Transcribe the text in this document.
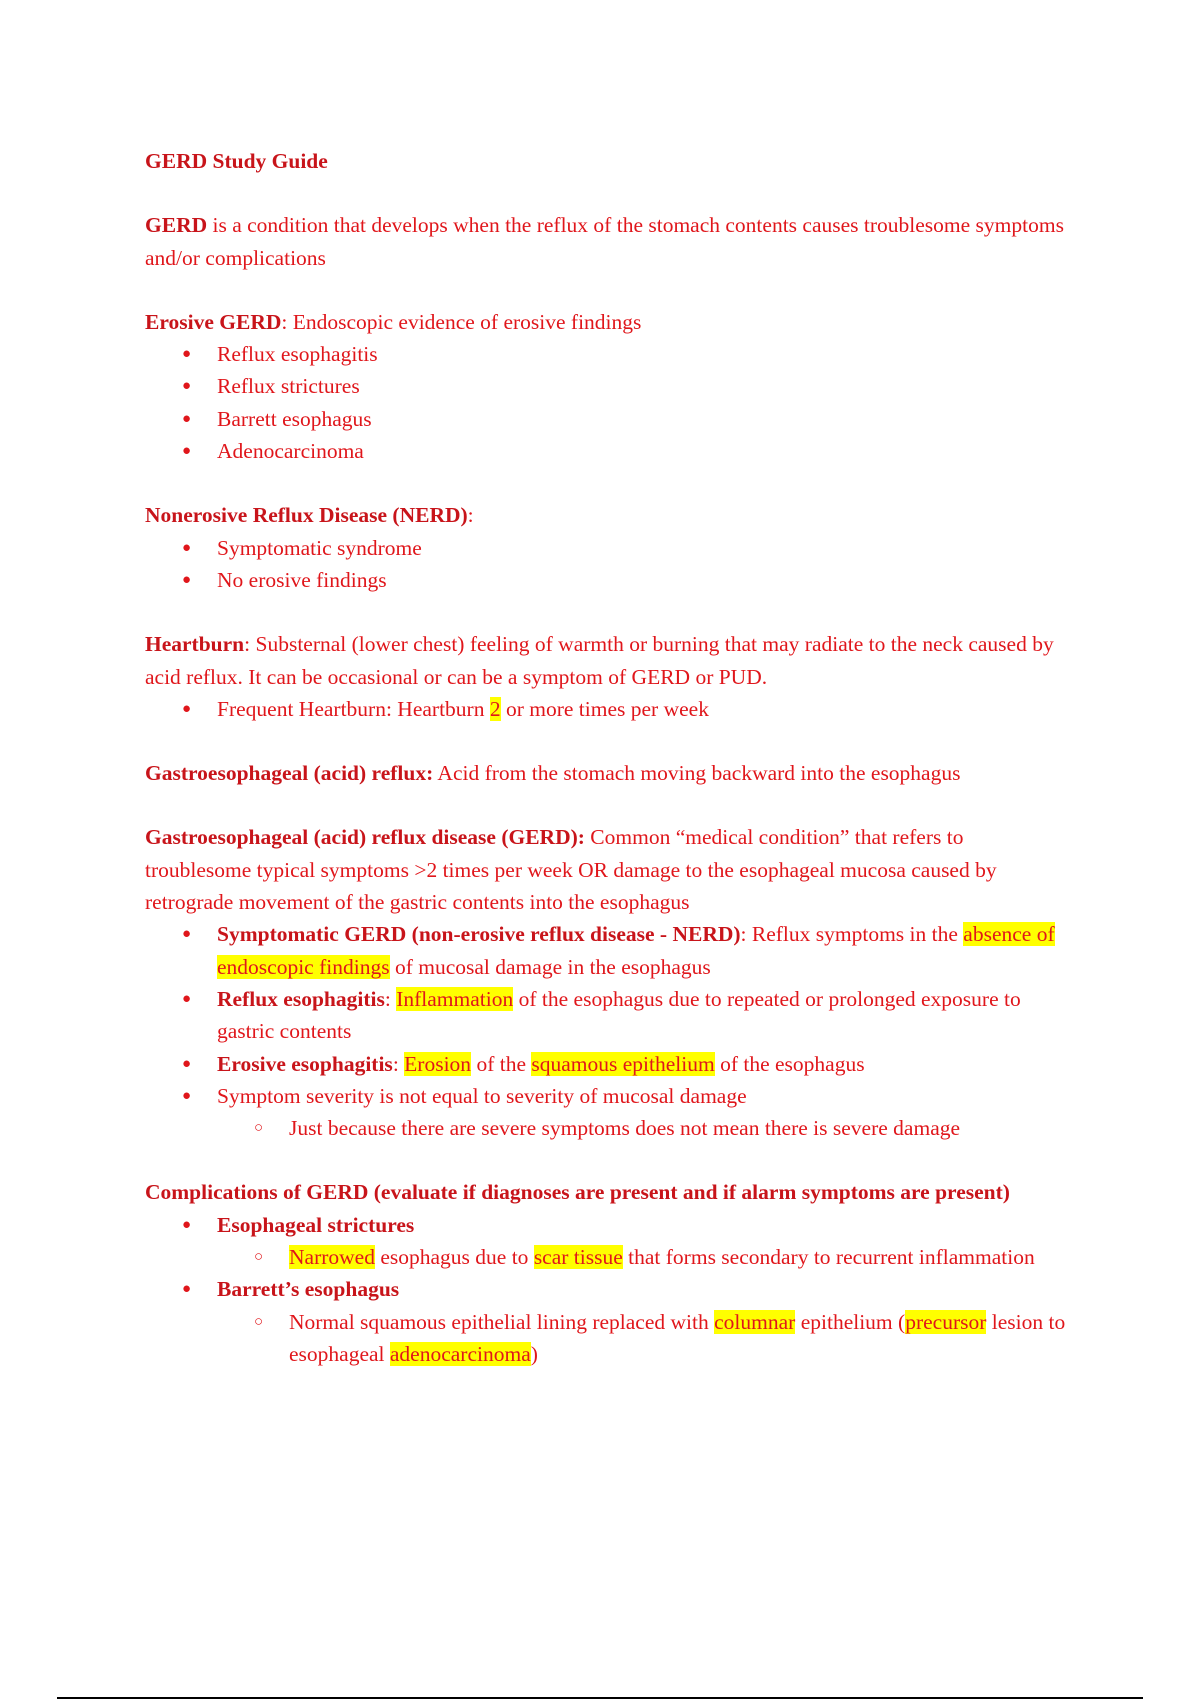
GERD Study Guide

GERD is a condition that develops when the reflux of the stomach contents causes troublesome symptoms and/or complications

Erosive GERD: Endoscopic evidence of erosive findings

● Reflux esophagitis
● Reflux strictures
● Barrett esophagus
● Adenocarcinoma

Nonerosive Reflux Disease (NERD):

● Symptomatic syndrome
● No erosive findings

Heartburn: Substernal (lower chest) feeling of warmth or burning that may radiate to the neck caused by acid reflux. It can be occasional or can be a symptom of GERD or PUD.

● Frequent Heartburn: Heartburn 2 or more times per week

Gastroesophageal (acid) reflux: Acid from the stomach moving backward into the esophagus

Gastroesophageal (acid) reflux disease (GERD): Common “medical condition” that refers to troublesome typical symptoms >2 times per week OR damage to the esophageal mucosa caused by retrograde movement of the gastric contents into the esophagus

● Symptomatic GERD (non-erosive reflux disease - NERD): Reflux symptoms in the absence of endoscopic findings of mucosal damage in the esophagus
● Reflux esophagitis: Inflammation of the esophagus due to repeated or prolonged exposure to gastric contents
● Erosive esophagitis: Erosion of the squamous epithelium of the esophagus
● Symptom severity is not equal to severity of mucosal damage
○ Just because there are severe symptoms does not mean there is severe damage

Complications of GERD (evaluate if diagnoses are present and if alarm symptoms are present)

● Esophageal strictures
○ Narrowed esophagus due to scar tissue that forms secondary to recurrent inflammation
● Barrett’s esophagus
○ Normal squamous epithelial lining replaced with columnar epithelium (precursor lesion to esophageal adenocarcinoma)
